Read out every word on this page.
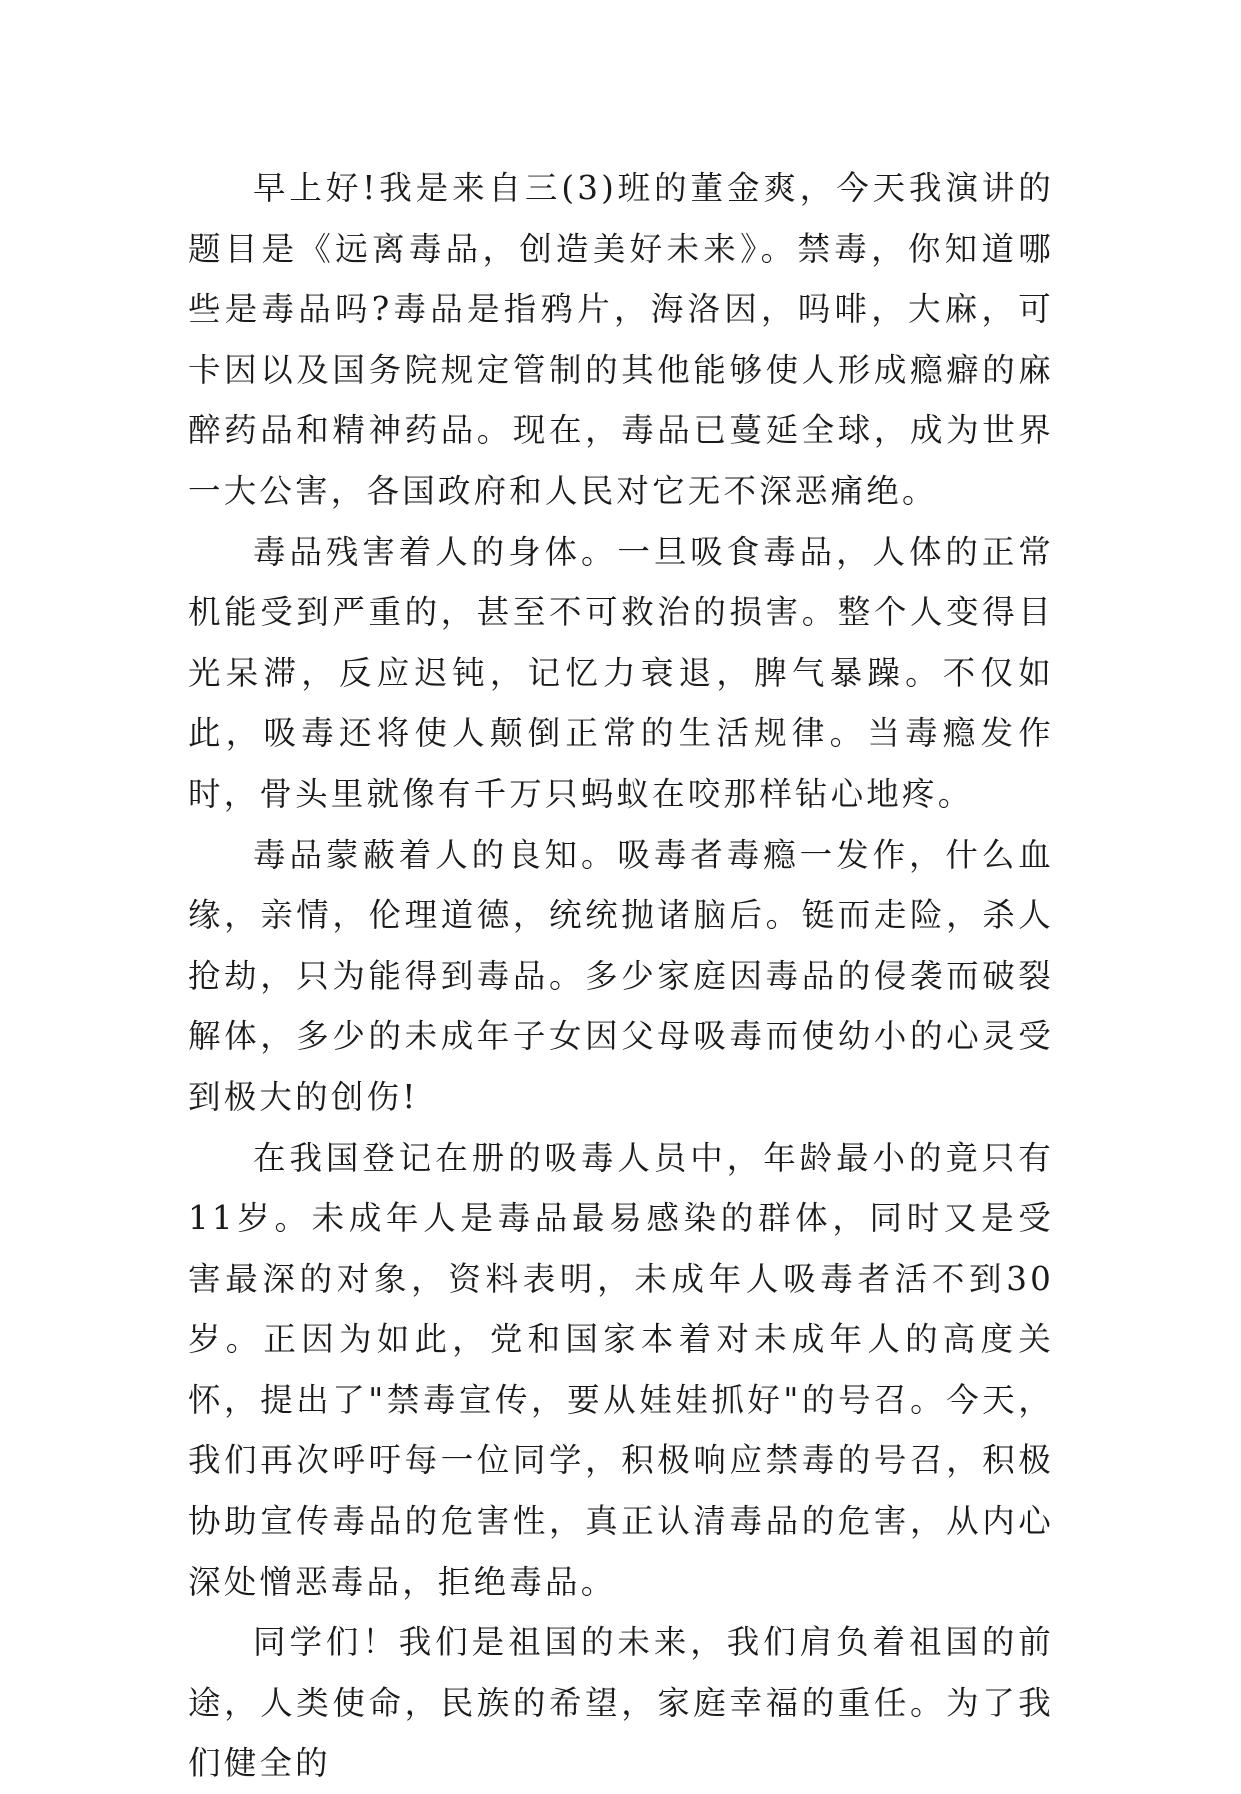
早上好!我是来自三(3)班的董金爽，今天我演讲的题目是《远离毒品，创造美好未来》。禁毒，你知道哪些是毒品吗?毒品是指鸦片，海洛因，吗啡，大麻，可卡因以及国务院规定管制的其他能够使人形成瘾癖的麻醉药品和精神药品。现在，毒品已蔓延全球，成为世界一大公害，各国政府和人民对它无不深恶痛绝。

毒品残害着人的身体。一旦吸食毒品，人体的正常机能受到严重的，甚至不可救治的损害。整个人变得目光呆滞，反应迟钝，记忆力衰退，脾气暴躁。不仅如此，吸毒还将使人颠倒正常的生活规律。当毒瘾发作时，骨头里就像有千万只蚂蚁在咬那样钻心地疼。

毒品蒙蔽着人的良知。吸毒者毒瘾一发作，什么血缘，亲情，伦理道德，统统抛诸脑后。铤而走险，杀人抢劫，只为能得到毒品。多少家庭因毒品的侵袭而破裂解体，多少的未成年子女因父母吸毒而使幼小的心灵受到极大的创伤!

在我国登记在册的吸毒人员中，年龄最小的竟只有11岁。未成年人是毒品最易感染的群体，同时又是受害最深的对象，资料表明，未成年人吸毒者活不到30岁。正因为如此，党和国家本着对未成年人的高度关怀，提出了"禁毒宣传，要从娃娃抓好"的号召。今天，我们再次呼吁每一位同学，积极响应禁毒的号召，积极协助宣传毒品的危害性，真正认清毒品的危害，从内心深处憎恶毒品，拒绝毒品。

同学们！我们是祖国的未来，我们肩负着祖国的前途，人类使命，民族的希望，家庭幸福的重任。为了我们健全的
